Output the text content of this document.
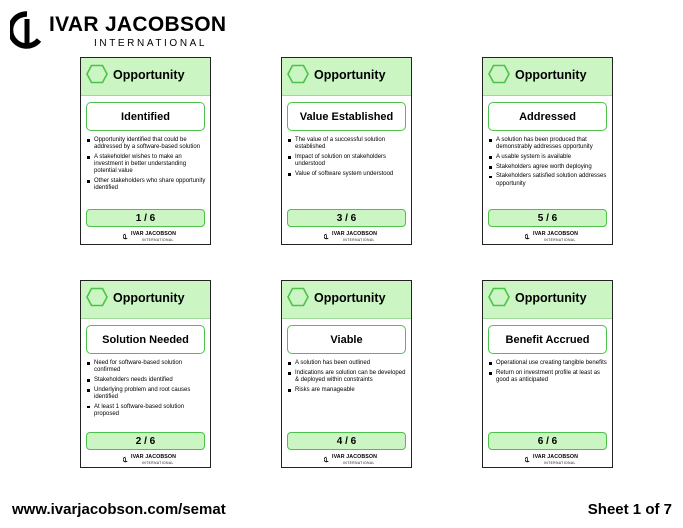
IVAR JACOBSON
INTERNATIONAL
Opportunity
Identified
Opportunity identified that could be addressed by a software-based solution
A stakeholder wishes to make an investment in better understanding potential value
Other stakeholders who share opportunity identified
1 / 6
IVAR JACOBSON
INTERNATIONAL
Opportunity
Value Established
The value of a successful solution established
Impact of solution on stakeholders understood
Value of software system understood
3 / 6
IVAR JACOBSON
INTERNATIONAL
Opportunity
Addressed
A solution has been produced that demonstrably addresses opportunity
A usable system is available
Stakeholders agree worth deploying
Stakeholders satisfied solution addresses opportunity
5 / 6
IVAR JACOBSON
INTERNATIONAL
Opportunity
Solution Needed
Need for software-based solution confirmed
Stakeholders needs identified
Underlying problem and root causes identified
At least 1 software-based solution proposed
2 / 6
IVAR JACOBSON
INTERNATIONAL
Opportunity
Viable
A solution has been outlined
Indications are solution can be developed & deployed within constraints
Risks are manageable
4 / 6
IVAR JACOBSON
INTERNATIONAL
Opportunity
Benefit Accrued
Operational use creating tangible benefits
Return on investment profile at least as good as anticipated
6 / 6
IVAR JACOBSON
INTERNATIONAL
www.ivarjacobson.com/semat	Sheet 1 of 7
